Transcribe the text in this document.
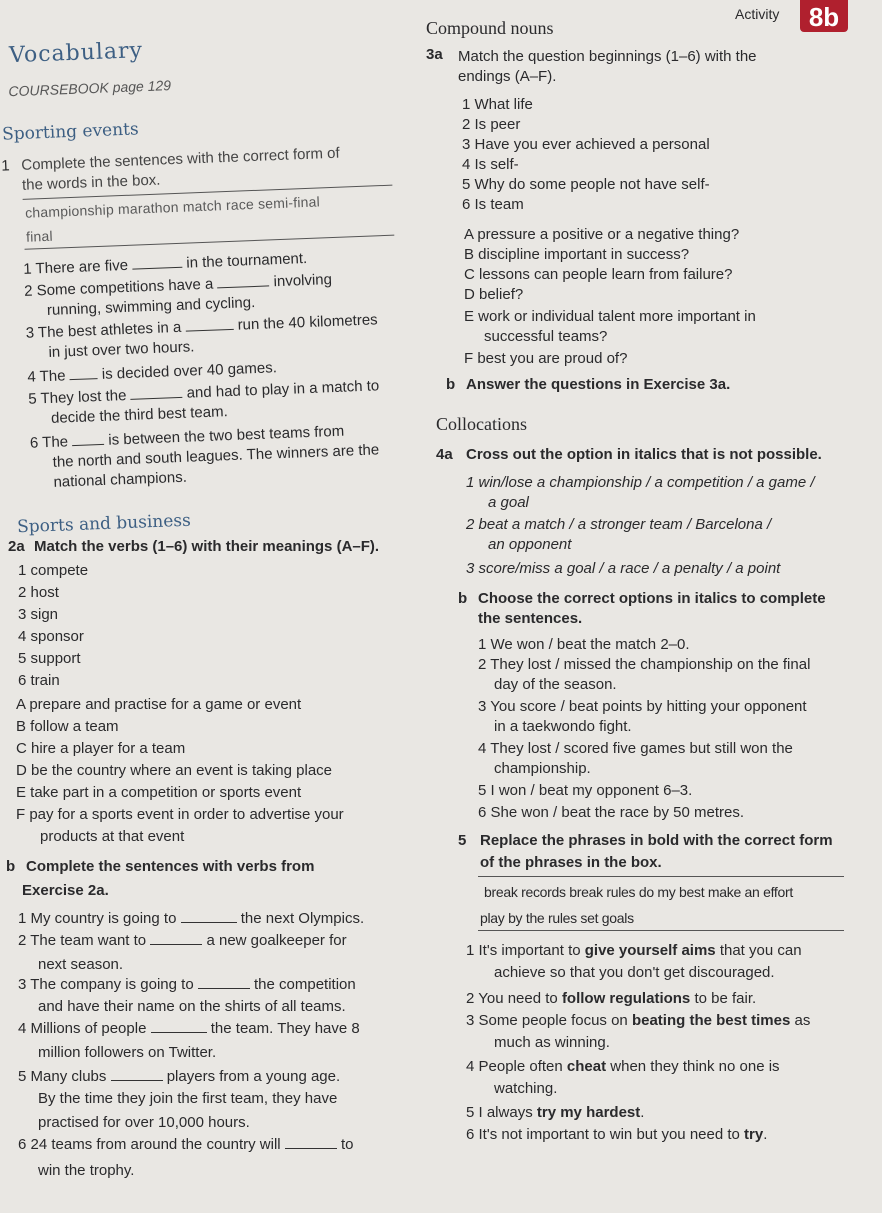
Activity	8b
Vocabulary
COURSEBOOK page 129
Sporting events
1 Complete the sentences with the correct form of
the words in the box.
championship marathon match race semi-final
final
1 There are five	in the tournament.
2 Some competitions have a	involving
running, swimming and cycling.
3 The best athletes in a	run the 40 kilometres
in just over two hours.
4 The is decided over 40 games.
5 They lost the	and had to play in a match to
decide the third best team.
6 The	is between the two best teams from
the north and south leagues. The winners are the
national champions.
Sports and business
2a Match the verbs (1–6) with their meanings (A–F).
1 compete
2 host
3 sign
4 sponsor
5 support
6 train
A prepare and practise for a game or event
B follow a team
C hire a player for a team
D be the country where an event is taking place
E take part in a competition or sports event
F pay for a sports event in order to advertise your
products at that event
b Complete the sentences with verbs from
Exercise 2a.
1 My country is going to	the next Olympics.
2 The team want to	a new goalkeeper for
next season.
3 The company is going to	the competition
and have their name on the shirts of all teams.
4 Millions of people	the team. They have 8
million followers on Twitter.
5 Many clubs	players from a young age.
By the time they join the first team, they have
practised for over 10,000 hours.
6 24 teams from around the country will	to
win the trophy.
Compound nouns
3a Match the question beginnings (1–6) with the
endings (A–F).
1 What life
2 Is peer
3 Have you ever achieved a personal
4 Is self-
5 Why do some people not have self-
6 Is team
A pressure a positive or a negative thing?
B discipline important in success?
C lessons can people learn from failure?
D belief?
E work or individual talent more important in
successful teams?
F best you are proud of?
b Answer the questions in Exercise 3a.
Collocations
4a Cross out the option in italics that is not possible.
1 win/lose a championship / a competition / a game /
a goal
2 beat a match / a stronger team / Barcelona /
an opponent
3 score/miss a goal / a race / a penalty / a point
b Choose the correct options in italics to complete
the sentences.
1 We won / beat the match 2–0.
2 They lost / missed the championship on the final
day of the season.
3 You score / beat points by hitting your opponent
in a taekwondo fight.
4 They lost / scored five games but still won the
championship.
5 I won / beat my opponent 6–3.
6 She won / beat the race by 50 metres.
5 Replace the phrases in bold with the correct form
of the phrases in the box.
break records break rules do my best make an effort
play by the rules set goals
1 It's important to give yourself aims that you can
achieve so that you don't get discouraged.
2 You need to follow regulations to be fair.
3 Some people focus on beating the best times as
much as winning.
4 People often cheat when they think no one is
watching.
5 I always try my hardest.
6 It's not important to win but you need to try.
